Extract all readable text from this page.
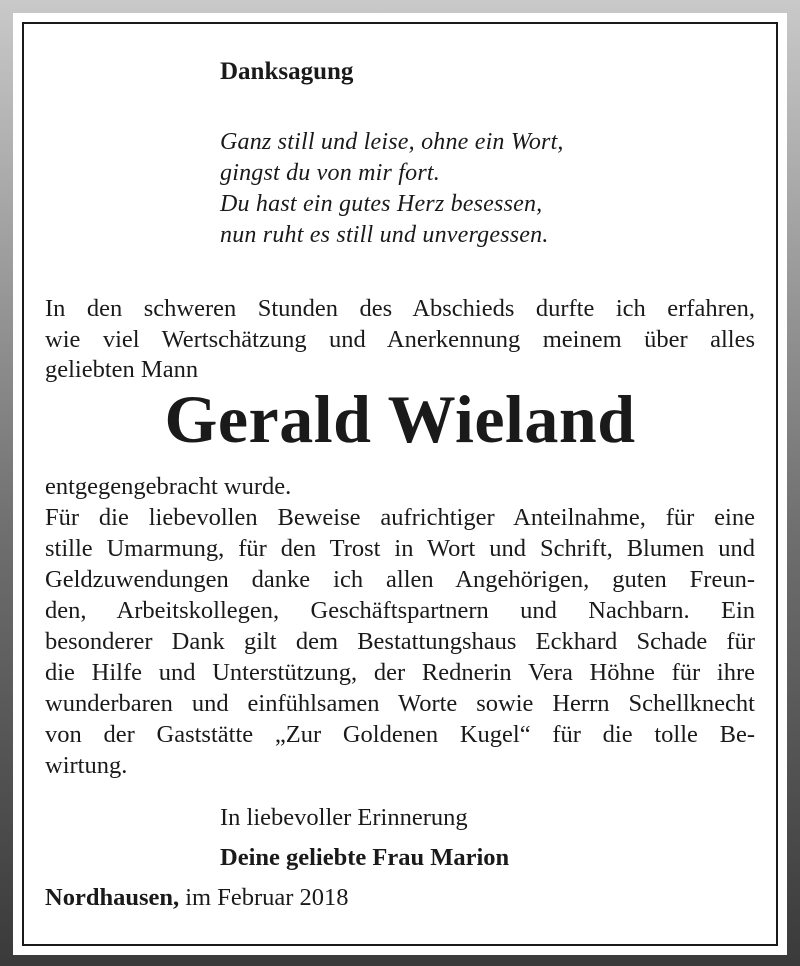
Danksagung
Ganz still und leise, ohne ein Wort,
gingst du von mir fort.
Du hast ein gutes Herz besessen,
nun ruht es still und unvergessen.
In den schweren Stunden des Abschieds durfte ich erfahren,
wie viel Wertschätzung und Anerkennung meinem über alles
geliebten Mann
Gerald Wieland
entgegengebracht wurde.
Für die liebevollen Beweise aufrichtiger Anteilnahme, für eine
stille Umarmung, für den Trost in Wort und Schrift, Blumen und
Geldzuwendungen danke ich allen Angehörigen, guten Freun-
den, Arbeitskollegen, Geschäftspartnern und Nachbarn. Ein
besonderer Dank gilt dem Bestattungshaus Eckhard Schade für
die Hilfe und Unterstützung, der Rednerin Vera Höhne für ihre
wunderbaren und einfühlsamen Worte sowie Herrn Schellknecht
von der Gaststätte „Zur Goldenen Kugel“ für die tolle Be-
wirtung.
In liebevoller Erinnerung
Deine geliebte Frau Marion
Nordhausen, im Februar 2018
